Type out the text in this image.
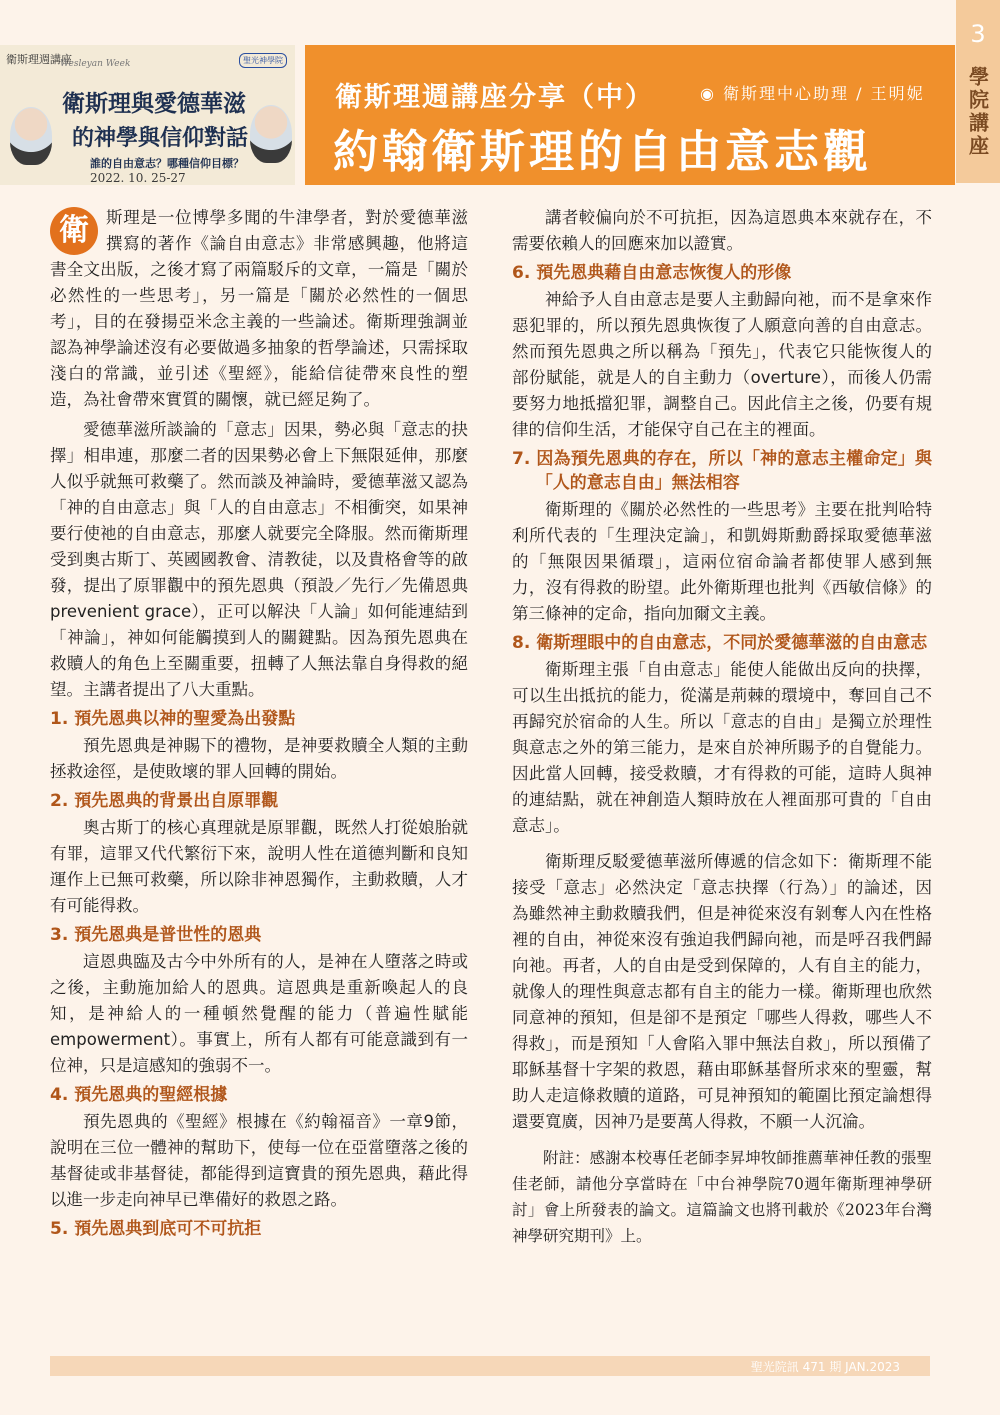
衛斯理週講座
Wesleyan Week	聖光神學院
衛斯理與愛德華滋
的神學與信仰對話
誰的自由意志？哪種信仰目標？
2022. 10. 25-27
衛斯理週講座分享（中）	◉ 衛斯理中心助理 / 王明妮
約翰衛斯理的自由意志觀
3
學院講座

衛	斯理是一位博學多聞的牛津學者，對於愛德華滋撰寫的著作《論自由意志》非常感興趣，他將這書全文出版，之後才寫了兩篇駁斥的文章，一篇是「關於必然性的一些思考」，另一篇是「關於必然性的一個思考」，目的在發揚亞米念主義的一些論述。衛斯理強調並認為神學論述沒有必要做過多抽象的哲學論述，只需採取淺白的常識，並引述《聖經》，能給信徒帶來良性的塑造，為社會帶來實質的關懷，就已經足夠了。

愛德華滋所談論的「意志」因果，勢必與「意志的抉擇」相串連，那麼二者的因果勢必會上下無限延伸，那麼人似乎就無可救藥了。然而談及神論時，愛德華滋又認為「神的自由意志」與「人的自由意志」不相衝突，如果神要行使祂的自由意志，那麼人就要完全降服。然而衛斯理受到奧古斯丁、英國國教會、清教徒，以及貴格會等的啟發，提出了原罪觀中的預先恩典（預設／先行／先備恩典 prevenient grace），正可以解決「人論」如何能連結到「神論」，神如何能觸摸到人的關鍵點。因為預先恩典在救贖人的角色上至關重要，扭轉了人無法靠自身得救的絕望。主講者提出了八大重點。

1. 預先恩典以神的聖愛為出發點

預先恩典是神賜下的禮物，是神要救贖全人類的主動拯救途徑，是使敗壞的罪人回轉的開始。

2. 預先恩典的背景出自原罪觀

奧古斯丁的核心真理就是原罪觀，既然人打從娘胎就有罪，這罪又代代繁衍下來，說明人性在道德判斷和良知運作上已無可救藥，所以除非神恩獨作，主動救贖，人才有可能得救。

3. 預先恩典是普世性的恩典

這恩典臨及古今中外所有的人，是神在人墮落之時或之後，主動施加給人的恩典。這恩典是重新喚起人的良知，是神給人的一種頓然覺醒的能力（普遍性賦能 empowerment）。事實上，所有人都有可能意識到有一位神，只是這感知的強弱不一。

4. 預先恩典的聖經根據

預先恩典的《聖經》根據在《約翰福音》一章9節，說明在三位一體神的幫助下，使每一位在亞當墮落之後的基督徒或非基督徒，都能得到這寶貴的預先恩典，藉此得以進一步走向神早已準備好的救恩之路。

5. 預先恩典到底可不可抗拒

講者較偏向於不可抗拒，因為這恩典本來就存在，不需要依賴人的回應來加以證實。

6. 預先恩典藉自由意志恢復人的形像

神給予人自由意志是要人主動歸向祂，而不是拿來作惡犯罪的，所以預先恩典恢復了人願意向善的自由意志。然而預先恩典之所以稱為「預先」，代表它只能恢復人的部份賦能，就是人的自主動力（overture），而後人仍需要努力地抵擋犯罪，調整自己。因此信主之後，仍要有規律的信仰生活，才能保守自己在主的裡面。

7. 因為預先恩典的存在，所以「神的意志主權命定」與「人的意志自由」無法相容

衛斯理的《關於必然性的一些思考》主要在批判哈特利所代表的「生理決定論」，和凱姆斯勳爵採取愛德華滋的「無限因果循環」，這兩位宿命論者都使罪人感到無力，沒有得救的盼望。此外衛斯理也批判《西敏信條》的第三條神的定命，指向加爾文主義。

8. 衛斯理眼中的自由意志，不同於愛德華滋的自由意志

衛斯理主張「自由意志」能使人能做出反向的抉擇，可以生出抵抗的能力，從滿是荊棘的環境中，奪回自己不再歸究於宿命的人生。所以「意志的自由」是獨立於理性與意志之外的第三能力，是來自於神所賜予的自覺能力。因此當人回轉，接受救贖，才有得救的可能，這時人與神的連結點，就在神創造人類時放在人裡面那可貴的「自由意志」。

衛斯理反駁愛德華滋所傳遞的信念如下：衛斯理不能接受「意志」必然決定「意志抉擇（行為）」的論述，因為雖然神主動救贖我們，但是神從來沒有剝奪人內在性格裡的自由，神從來沒有強迫我們歸向祂，而是呼召我們歸向祂。再者，人的自由是受到保障的，人有自主的能力，就像人的理性與意志都有自主的能力一樣。衛斯理也欣然同意神的預知，但是卻不是預定「哪些人得救，哪些人不得救」，而是預知「人會陷入罪中無法自救」，所以預備了耶穌基督十字架的救恩，藉由耶穌基督所求來的聖靈，幫助人走這條救贖的道路，可見神預知的範圍比預定論想得還要寬廣，因神乃是要萬人得救，不願一人沉淪。

附註：感謝本校專任老師李昇坤牧師推薦華神任教的張聖佳老師，請他分享當時在「中台神學院70週年衛斯理神學研討」會上所發表的論文。這篇論文也將刊載於《2023年台灣神學研究期刊》上。
聖光院訊 471 期 JAN.2023
